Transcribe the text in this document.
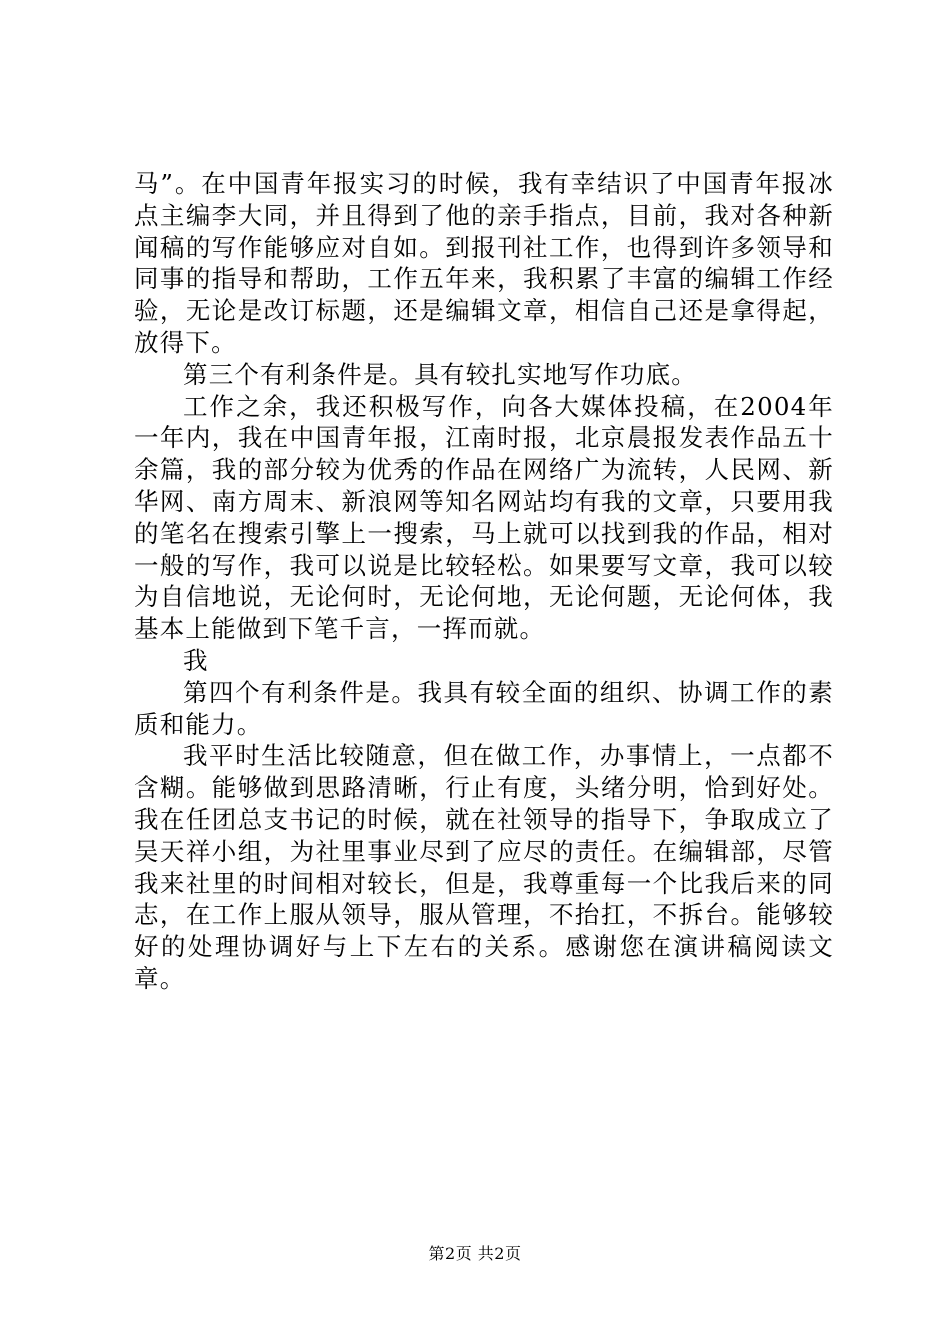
马”。在中国青年报实习的时候，我有幸结识了中国青年报冰点主编李大同，并且得到了他的亲手指点，目前，我对各种新闻稿的写作能够应对自如。到报刊社工作，也得到许多领导和同事的指导和帮助，工作五年来，我积累了丰富的编辑工作经验，无论是改订标题，还是编辑文章，相信自己还是拿得起，放得下。

第三个有利条件是。具有较扎实地写作功底。

工作之余，我还积极写作，向各大媒体投稿，在2004年一年内，我在中国青年报，江南时报，北京晨报发表作品五十余篇，我的部分较为优秀的作品在网络广为流转，人民网、新华网、南方周末、新浪网等知名网站均有我的文章，只要用我的笔名在搜索引擎上一搜索，马上就可以找到我的作品，相对一般的写作，我可以说是比较轻松。如果要写文章，我可以较为自信地说，无论何时，无论何地，无论何题，无论何体，我基本上能做到下笔千言，一挥而就。

我

第四个有利条件是。我具有较全面的组织、协调工作的素质和能力。

我平时生活比较随意，但在做工作，办事情上，一点都不含糊。能够做到思路清晰，行止有度，头绪分明，恰到好处。我在任团总支书记的时候，就在社领导的指导下，争取成立了吴天祥小组，为社里事业尽到了应尽的责任。在编辑部，尽管我来社里的时间相对较长，但是，我尊重每一个比我后来的同志，在工作上服从领导，服从管理，不抬扛，不拆台。能够较好的处理协调好与上下左右的关系。感谢您在演讲稿阅读文章。

第2页 共2页
